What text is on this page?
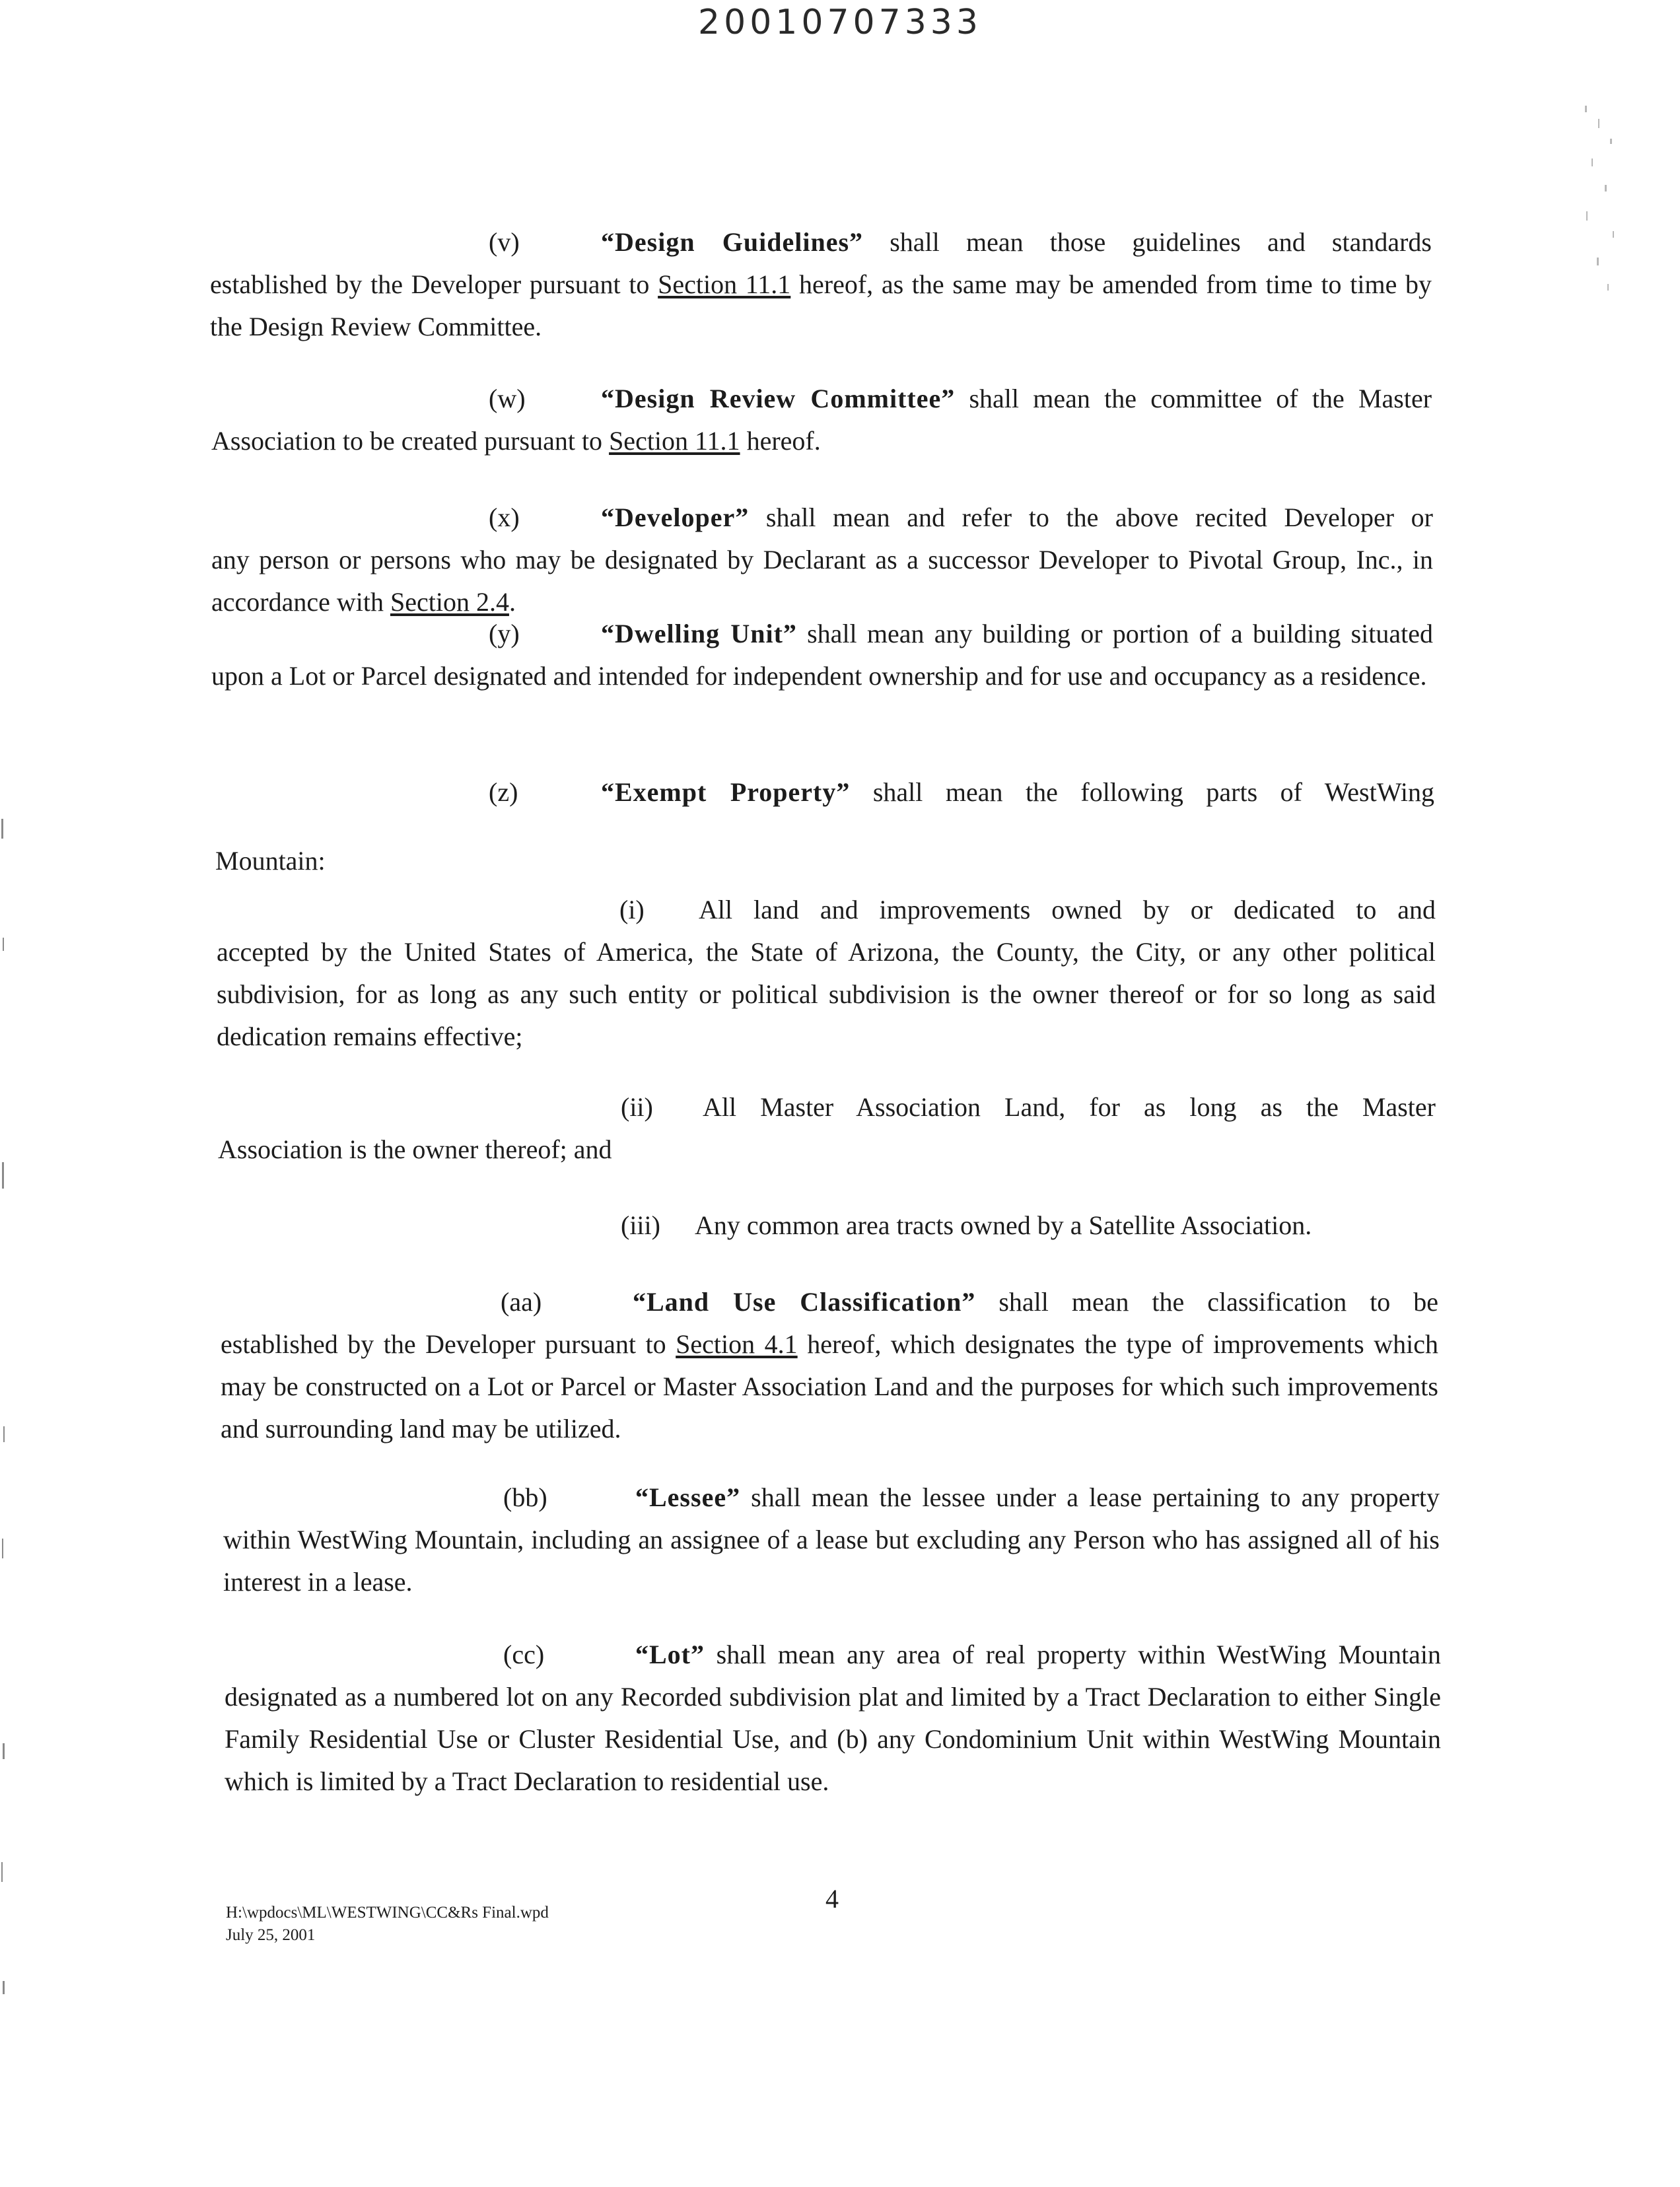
20010707333

(v)	“Design Guidelines” shall mean those guidelines and standards

established by the Developer pursuant to Section 11.1 hereof, as the same may be amended from time to time by the Design Review Committee.

(w)	“Design Review Committee” shall mean the committee of the Master

Association to be created pursuant to Section 11.1 hereof.

(x)	“Developer” shall mean and refer to the above recited Developer or

any person or persons who may be designated by Declarant as a successor Developer to Pivotal Group, Inc., in accordance with Section 2.4.

(y)	“Dwelling Unit” shall mean any building or portion of a building situated

upon a Lot or Parcel designated and intended for independent ownership and for use and occupancy as a residence.

(z)	“Exempt Property” shall mean the following parts of WestWing

Mountain:

(i) All land and improvements owned by or dedicated to and

accepted by the United States of America, the State of Arizona, the County, the City, or any other political subdivision, for as long as any such entity or political subdivision is the owner thereof or for so long as said dedication remains effective;

(ii) All Master Association Land, for as long as the Master

Association is the owner thereof; and

(iii) Any common area tracts owned by a Satellite Association.

(aa)	“Land Use Classification” shall mean the classification to be

established by the Developer pursuant to Section 4.1 hereof, which designates the type of improvements which may be constructed on a Lot or Parcel or Master Association Land and the purposes for which such improvements and surrounding land may be utilized.

(bb)	“Lessee” shall mean the lessee under a lease pertaining to any property

within WestWing Mountain, including an assignee of a lease but excluding any Person who has assigned all of his interest in a lease.

(cc)	“Lot” shall mean any area of real property within WestWing Mountain

designated as a numbered lot on any Recorded subdivision plat and limited by a Tract Declaration to either Single Family Residential Use or Cluster Residential Use, and (b) any Condominium Unit within WestWing Mountain which is limited by a Tract Declaration to residential use.

H:\wpdocs\ML\WESTWING\CC&Rs Final.wpd
July 25, 2001
4
